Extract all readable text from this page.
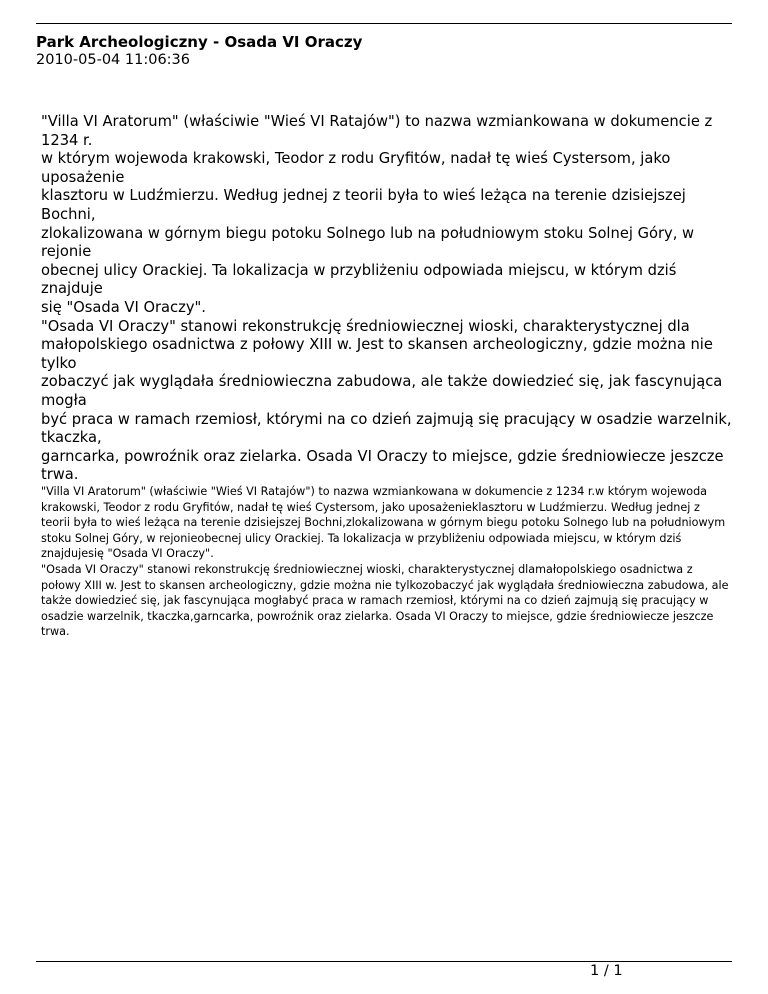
Park Archeologiczny - Osada VI Oraczy

2010-05-04 11:06:36

"Villa VI Aratorum" (właściwie "Wieś VI Ratajów") to nazwa wzmiankowana w dokumencie z 1234 r.
w którym wojewoda krakowski, Teodor z rodu Gryfitów, nadał tę wieś Cystersom, jako uposażenie
klasztoru w Ludźmierzu. Według jednej z teorii była to wieś leżąca na terenie dzisiejszej Bochni,
zlokalizowana w górnym biegu potoku Solnego lub na południowym stoku Solnej Góry, w rejonie
obecnej ulicy Orackiej. Ta lokalizacja w przybliżeniu odpowiada miejscu, w którym dziś znajduje
się "Osada VI Oraczy".
"Osada VI Oraczy" stanowi rekonstrukcję średniowiecznej wioski, charakterystycznej dla
małopolskiego osadnictwa z połowy XIII w. Jest to skansen archeologiczny, gdzie można nie tylko
zobaczyć jak wyglądała średniowieczna zabudowa, ale także dowiedzieć się, jak fascynująca mogła
być praca w ramach rzemiosł, którymi na co dzień zajmują się pracujący w osadzie warzelnik, tkaczka,
garncarka, powroźnik oraz zielarka. Osada VI Oraczy to miejsce, gdzie średniowiecze jeszcze trwa.

"Villa VI Aratorum" (właściwie "Wieś VI Ratajów") to nazwa wzmiankowana w dokumencie z 1234 r.w którym wojewoda krakowski, Teodor z rodu Gryfitów, nadał tę wieś Cystersom, jako uposażenieklasztoru w Ludźmierzu. Według jednej z teorii była to wieś leżąca na terenie dzisiejszej Bochni,zlokalizowana w górnym biegu potoku Solnego lub na południowym stoku Solnej Góry, w rejonieobecnej ulicy Orackiej. Ta lokalizacja w przybliżeniu odpowiada miejscu, w którym dziś znajdujesię "Osada VI Oraczy".

"Osada VI Oraczy" stanowi rekonstrukcję średniowiecznej wioski, charakterystycznej dlamałopolskiego osadnictwa z połowy XIII w. Jest to skansen archeologiczny, gdzie można nie tylkozobaczyć jak wyglądała średniowieczna zabudowa, ale także dowiedzieć się, jak fascynująca mogłabyć praca w ramach rzemiosł, którymi na co dzień zajmują się pracujący w osadzie warzelnik, tkaczka,garncarka, powroźnik oraz zielarka. Osada VI Oraczy to miejsce, gdzie średniowiecze jeszcze trwa.

1 / 1
